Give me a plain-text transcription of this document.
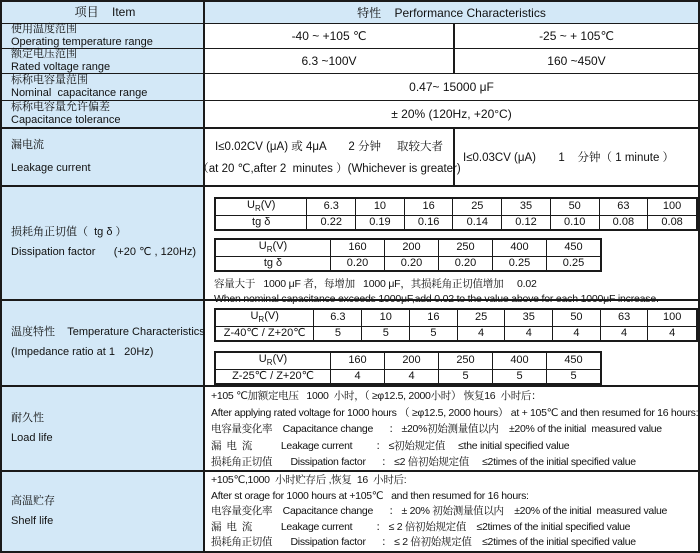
项目    Item	特性    Performance Characteristics
使用温度范围
Operating temperature range	-40 ~ +105 ℃	-25 ~ + 105℃
额定电压范围
Rated voltage range	6.3 ~100V	160 ~450V
标称电容量范围
Nominal  capacitance range	0.47~ 15000 μF
标称电容量允许偏差
Capacitance tolerance	± 20% (120Hz, +20°C)
漏电流
Leakage current
I≤0.02CV (μA) 或 4μA       2 分钟     取较大者
（at 20 ℃,after 2  minutes ）(Whichever is greater)
I≤0.03CV (μA)       1    分钟（ 1 minute ）
损耗角正切值（  tg δ ）
Dissipation factor      (+20 ℃ , 120Hz)
$U_R(V)$	6.3	10	16	25	35	50	63	100
tg δ	0.22	0.19	0.16	0.14	0.12	0.10	0.08	0.08
$U_R(V)$	160	200	250	400	450
tg δ	0.20	0.20	0.20	0.25	0.25
容量大于   1000 μF 者，每增加   1000 μF，其损耗角正切值增加     0.02
When nominal capacitance exceeds 1000μF,add 0.02 to the value above for each 1000μF increase.
温度特性    Temperature Characteristics
(Impedance ratio at 1   20Hz)
$U_R(V)$	6.3	10	16	25	35	50	63	100
Z-40℃ / Z+20℃	5	5	5	4	4	4	4	4
$U_R(V)$	160	200	250	400	450
Z-25℃ / Z+20℃	4	4	5	5	5
耐久性
Load life
+105 ℃加额定电压   1000  小时，（ ≥φ12.5, 2000小时） 恢复16  小时后：
After applying rated voltage for 1000 hours （ ≥φ12.5, 2000 hours） at + 105℃ and then resumed for 16 hours:
电容量变化率    Capacitance change      ： ±20%初始测量值以内    ±20% of the initial  measured value
漏  电  流           Leakage current         ： ≤初始规定值     ≤the initial specified value
损耗角正切值       Dissipation factor      ： ≤2 倍初始规定值     ≤2times of the initial specified value
高温贮存
Shelf life
+105℃,1000  小时贮存后 ,恢复  16  小时后:
After st orage for 1000 hours at +105℃   and then resumed for 16 hours:
电容量变化率    Capacitance change      ： ± 20% 初始测量值以内    ±20% of the initial  measured value
漏  电  流           Leakage current         ： ≤ 2 倍初始规定值    ≤2times of the initial specified value
损耗角正切值       Dissipation factor      ： ≤ 2 倍初始规定值    ≤2times of the initial specified value
